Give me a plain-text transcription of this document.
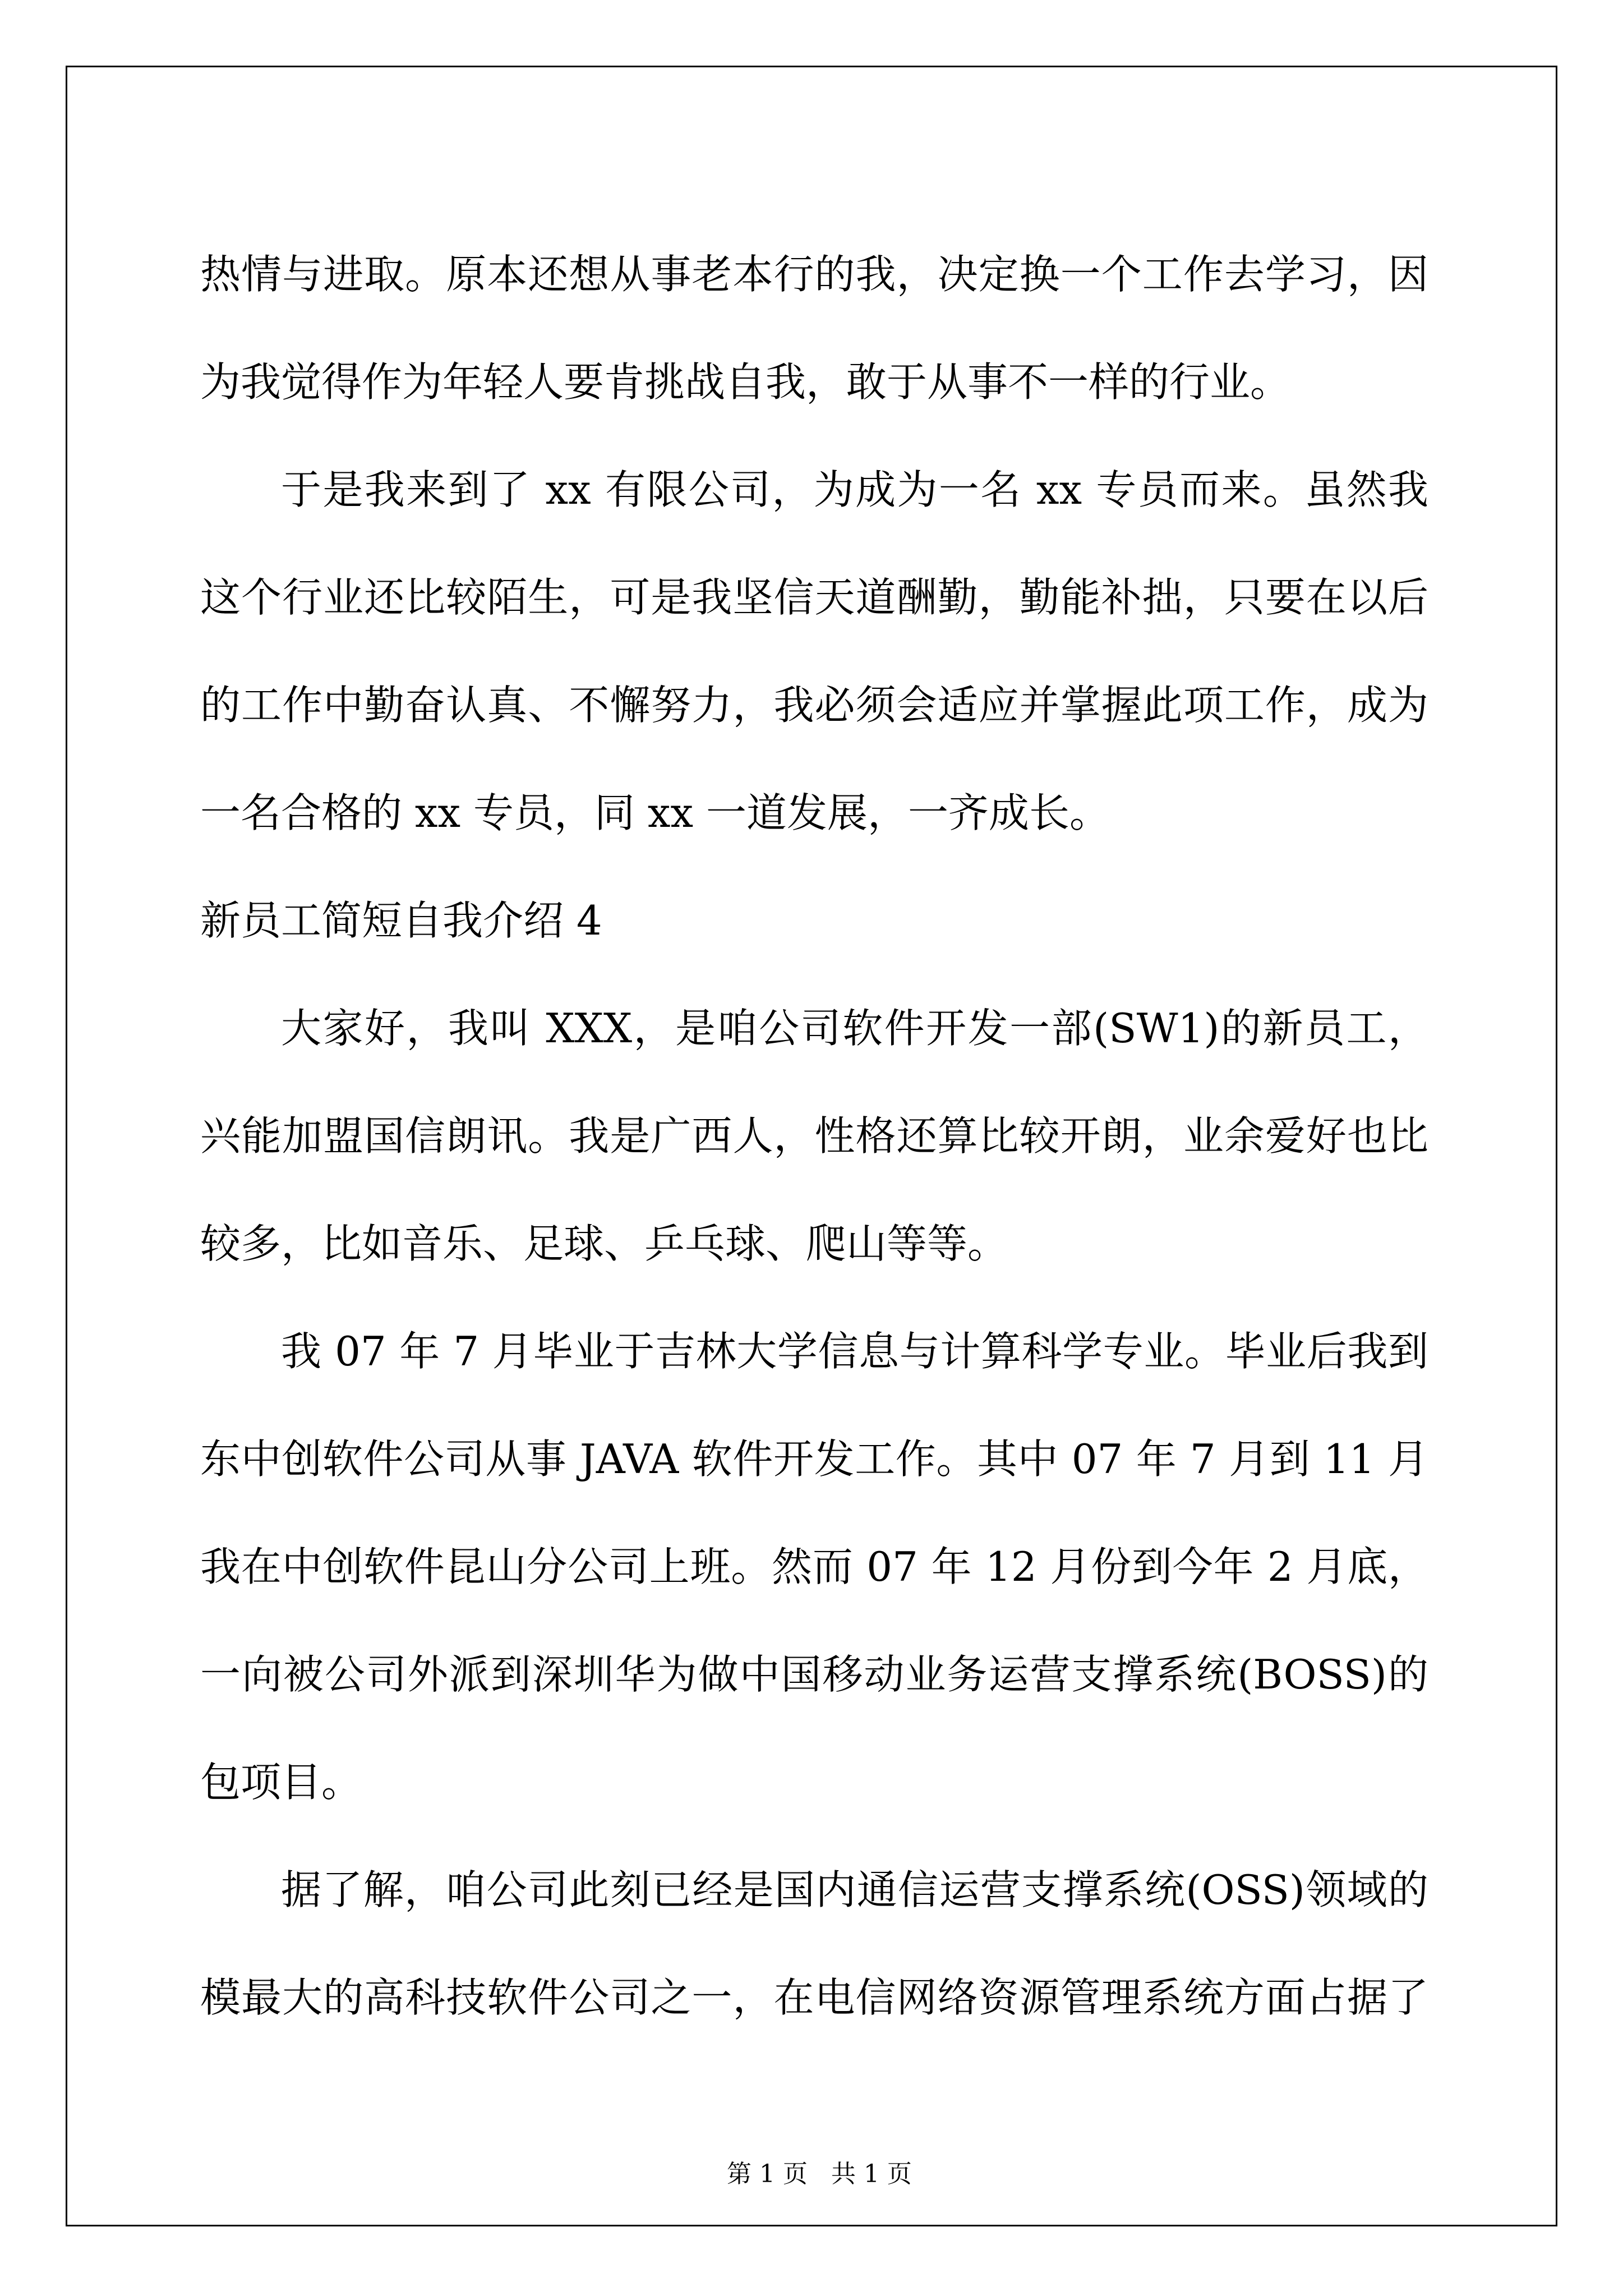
热情与进取。原本还想从事老本行的我，决定换一个工作去学习，因
为我觉得作为年轻人要肯挑战自我，敢于从事不一样的行业。
于是我来到了 xx 有限公司，为成为一名 xx 专员而来。虽然我
这个行业还比较陌生，可是我坚信天道酬勤，勤能补拙，只要在以后
的工作中勤奋认真、不懈努力，我必须会适应并掌握此项工作，成为
一名合格的 xx 专员，同 xx 一道发展，一齐成长。
新员工简短自我介绍 4
大家好，我叫 XXX，是咱公司软件开发一部(SW1)的新员工，
兴能加盟国信朗讯。我是广西人，性格还算比较开朗，业余爱好也比
较多，比如音乐、足球、乒乓球、爬山等等。
我 07 年 7 月毕业于吉林大学信息与计算科学专业。毕业后我到
东中创软件公司从事 JAVA 软件开发工作。其中 07 年 7 月到 11 月
我在中创软件昆山分公司上班。然而 07 年 12 月份到今年 2 月底，
一向被公司外派到深圳华为做中国移动业务运营支撑系统(BOSS)的
包项目。
据了解，咱公司此刻已经是国内通信运营支撑系统(OSS)领域的
模最大的高科技软件公司之一，在电信网络资源管理系统方面占据了

第 1 页   共 1 页
